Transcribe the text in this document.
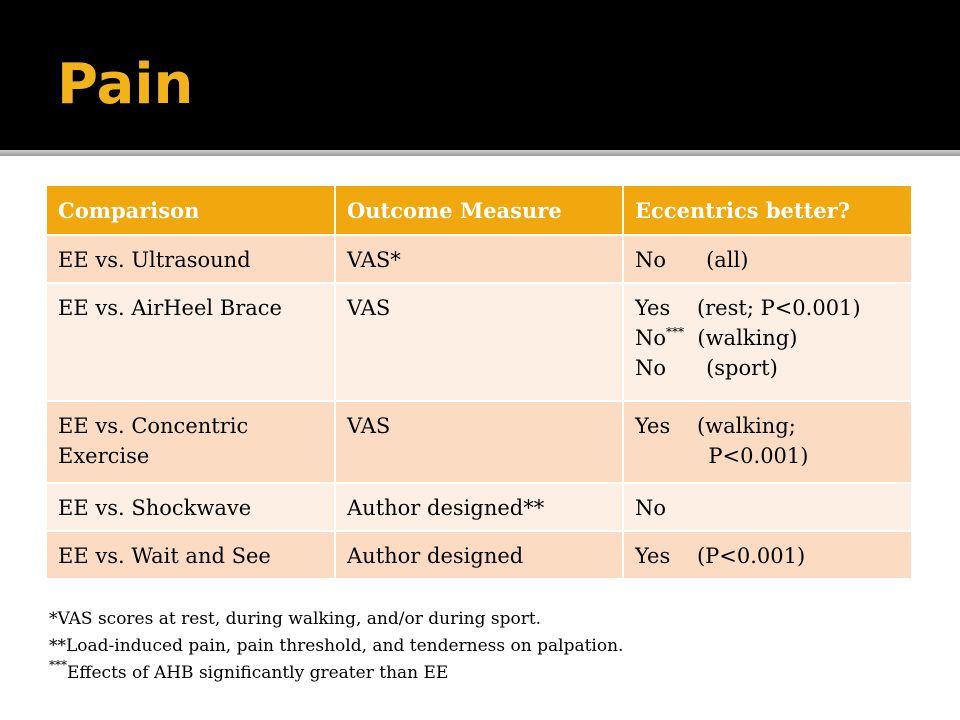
Pain
Comparison	Outcome Measure	Eccentrics better?
EE vs. Ultrasound	VAS*	No      (all)

EE vs. AirHeel Brace	VAS	Yes    (rest; P<0.001)
No***  (walking)
No      (sport)

EE vs. Concentric Exercise	VAS	Yes    (walking;
P<0.001)

EE vs. Shockwave	Author designed**	No

EE vs. Wait and See	Author designed	Yes    (P<0.001)
*VAS scores at rest, during walking, and/or during sport.
**Load-induced pain, pain threshold, and tenderness on palpation.
***Effects of AHB significantly greater than EE
